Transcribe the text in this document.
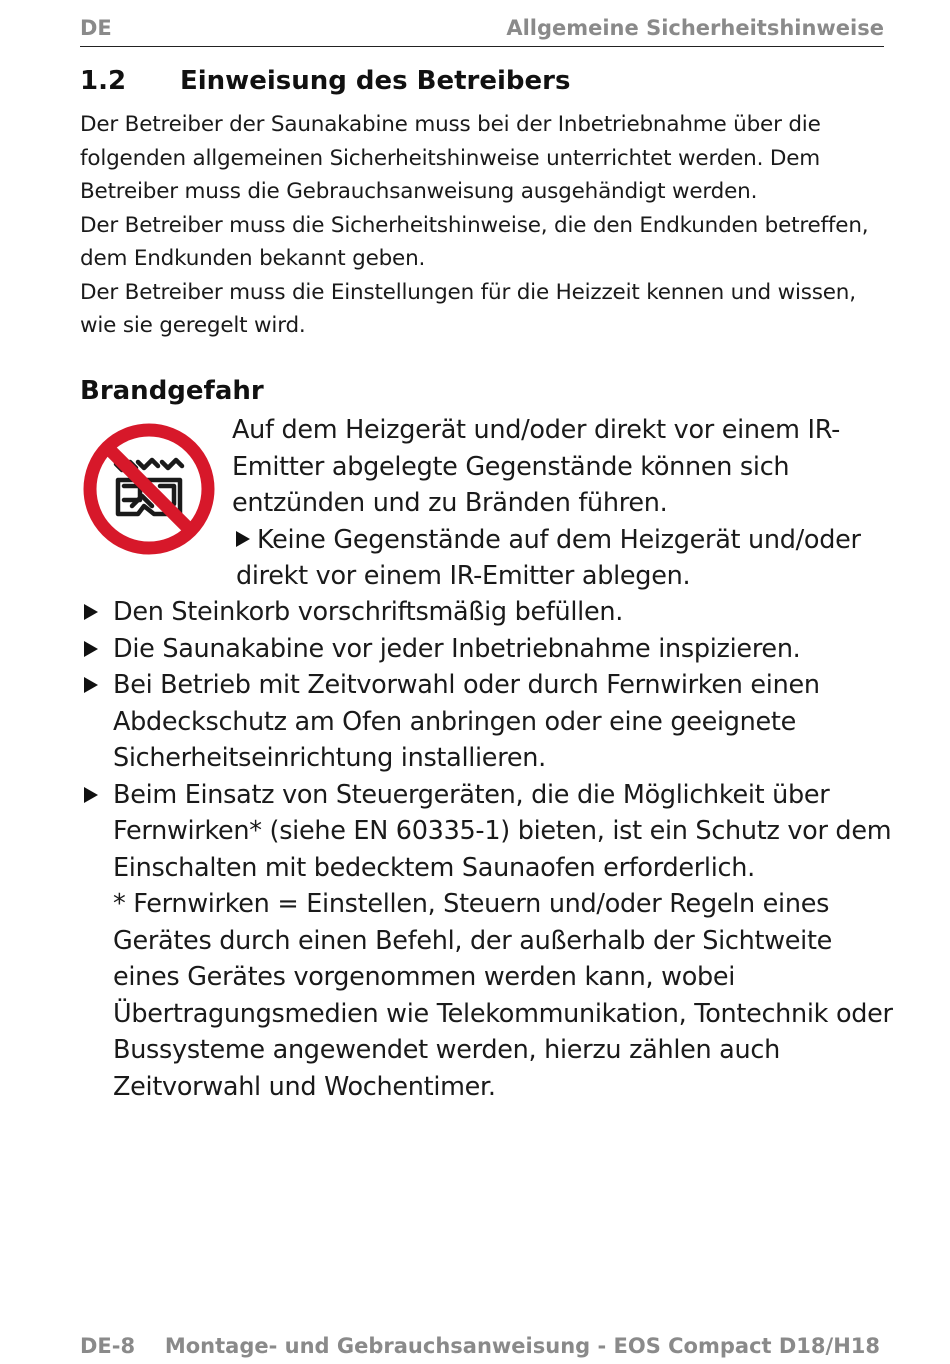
DE	Allgemeine Sicherheitshinweise
1.2 Einweisung des Betreibers

Der Betreiber der Saunakabine muss bei der Inbetriebnahme über die folgenden allgemeinen Sicherheitshinweise unterrichtet werden. Dem Betreiber muss die Gebrauchsanweisung ausgehändigt werden.

Der Betreiber muss die Sicherheitshinweise, die den Endkunden betreffen, dem Endkunden bekannt geben.

Der Betreiber muss die Einstellungen für die Heizzeit kennen und wissen, wie sie geregelt wird.

Brandgefahr

Auf dem Heizgerät und/oder direkt vor einem IR-Emitter abgelegte Gegenstände können sich entzünden und zu Bränden führen.

Keine Gegenstände auf dem Heizgerät und/oder direkt vor einem IR-Emitter ablegen.

Den Steinkorb vorschriftsmäßig befüllen.
Die Saunakabine vor jeder Inbetriebnahme inspizieren.
Bei Betrieb mit Zeitvorwahl oder durch Fernwirken einen Abdeckschutz am Ofen anbringen oder eine geeignete Sicherheitseinrichtung installieren.
Beim Einsatz von Steuergeräten, die die Möglichkeit über Fernwirken* (siehe EN 60335-1) bieten, ist ein Schutz vor dem Einschalten mit bedecktem Saunaofen erforderlich.

* Fernwirken = Einstellen, Steuern und/oder Regeln eines Gerätes durch einen Befehl, der außerhalb der Sichtweite eines Gerätes vorgenommen werden kann, wobei Übertragungsmedien wie Telekommunikation, Tontechnik oder Bussysteme angewendet werden, hierzu zählen auch Zeitvorwahl und Wochentimer.

DE-8 Montage- und Gebrauchsanweisung - EOS Compact D18/H18
